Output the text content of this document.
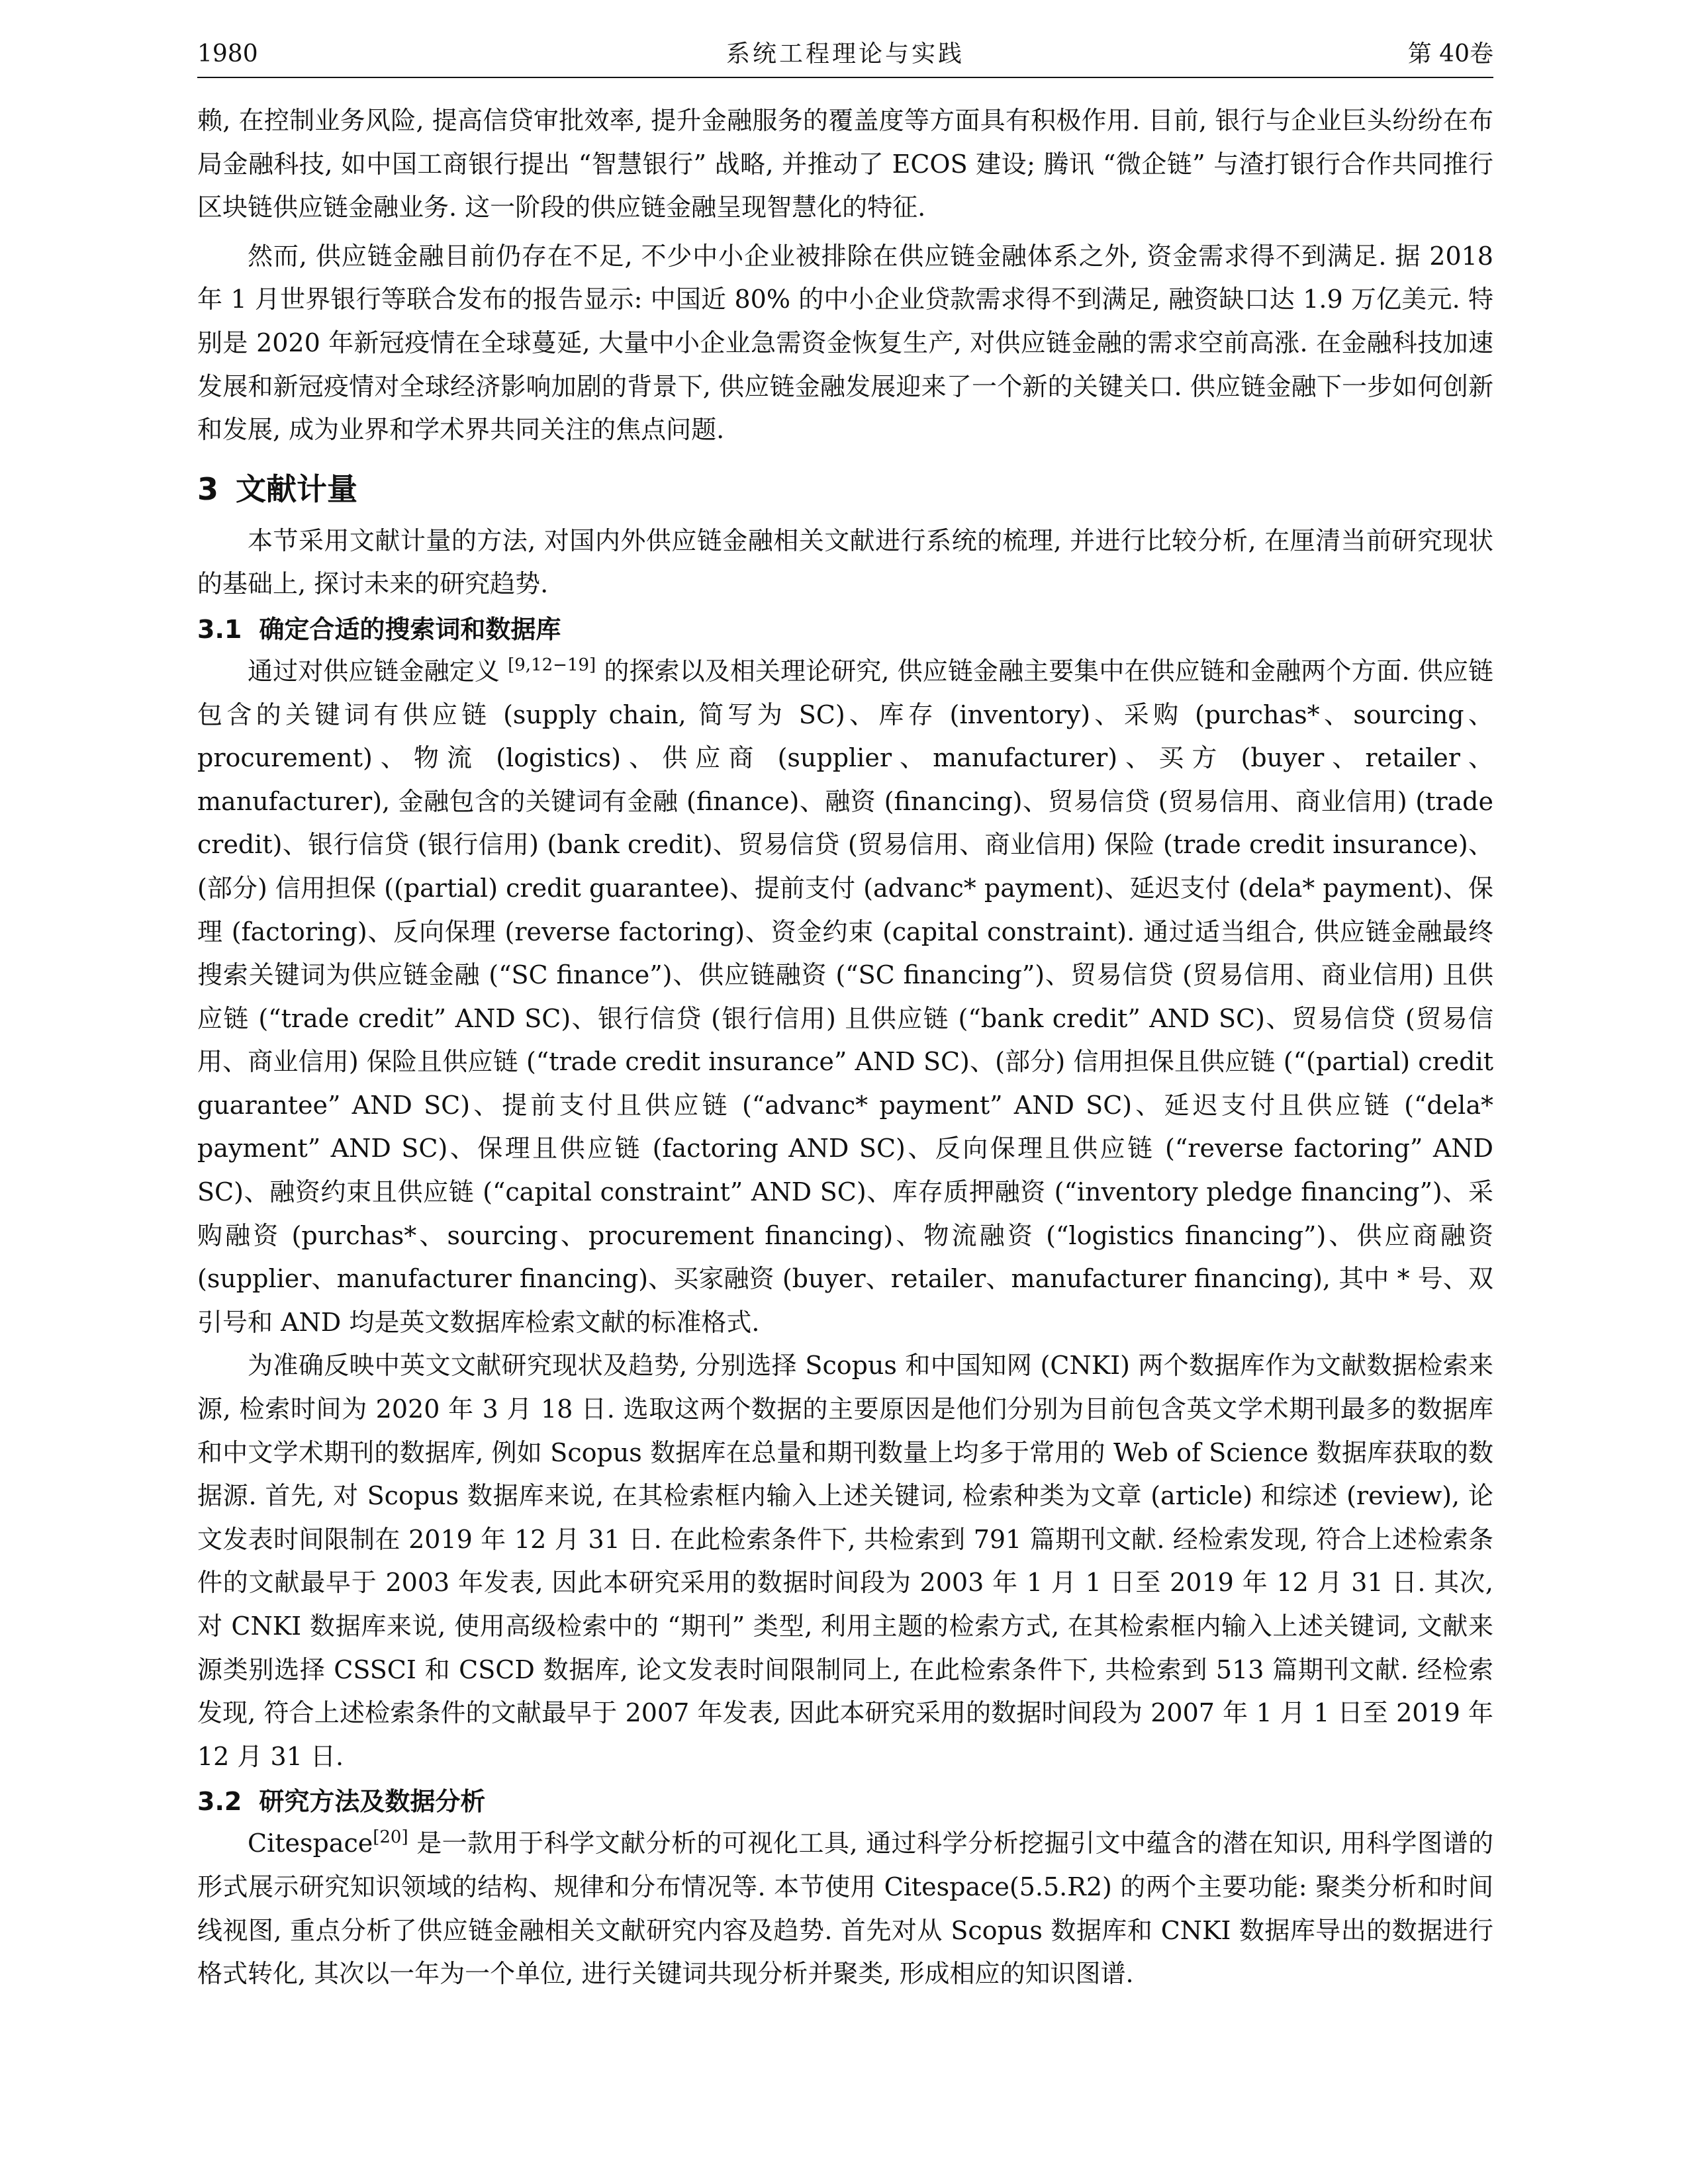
1980	系统工程理论与实践	第 40卷

赖, 在控制业务风险, 提高信贷审批效率, 提升金融服务的覆盖度等方面具有积极作用. 目前, 银行与企业巨头纷纷在布局金融科技, 如中国工商银行提出 “智慧银行” 战略, 并推动了 ECOS 建设; 腾讯 “微企链” 与渣打银行合作共同推行区块链供应链金融业务. 这一阶段的供应链金融呈现智慧化的特征.

然而, 供应链金融目前仍存在不足, 不少中小企业被排除在供应链金融体系之外, 资金需求得不到满足. 据 2018 年 1 月世界银行等联合发布的报告显示: 中国近 80% 的中小企业贷款需求得不到满足, 融资缺口达 1.9 万亿美元. 特别是 2020 年新冠疫情在全球蔓延, 大量中小企业急需资金恢复生产, 对供应链金融的需求空前高涨. 在金融科技加速发展和新冠疫情对全球经济影响加剧的背景下, 供应链金融发展迎来了一个新的关键关口. 供应链金融下一步如何创新和发展, 成为业界和学术界共同关注的焦点问题.

3 文献计量

本节采用文献计量的方法, 对国内外供应链金融相关文献进行系统的梳理, 并进行比较分析, 在厘清当前研究现状的基础上, 探讨未来的研究趋势.

3.1 确定合适的搜索词和数据库

通过对供应链金融定义 [9,12−19] 的探索以及相关理论研究, 供应链金融主要集中在供应链和金融两个方面. 供应链包含的关键词有供应链 (supply chain, 简写为 SC)、库存 (inventory)、采购 (purchas*、sourcing、procurement)、物流 (logistics)、供应商 (supplier、manufacturer)、买方 (buyer、retailer、manufacturer), 金融包含的关键词有金融 (finance)、融资 (financing)、贸易信贷 (贸易信用、商业信用) (trade credit)、银行信贷 (银行信用) (bank credit)、贸易信贷 (贸易信用、商业信用) 保险 (trade credit insurance)、(部分) 信用担保 ((partial) credit guarantee)、提前支付 (advanc* payment)、延迟支付 (dela* payment)、保理 (factoring)、反向保理 (reverse factoring)、资金约束 (capital constraint). 通过适当组合, 供应链金融最终搜索关键词为供应链金融 (“SC finance”)、供应链融资 (“SC financing”)、贸易信贷 (贸易信用、商业信用) 且供应链 (“trade credit” AND SC)、银行信贷 (银行信用) 且供应链 (“bank credit” AND SC)、贸易信贷 (贸易信用、商业信用) 保险且供应链 (“trade credit insurance” AND SC)、(部分) 信用担保且供应链 (“(partial) credit guarantee” AND SC)、提前支付且供应链 (“advanc* payment” AND SC)、延迟支付且供应链 (“dela* payment” AND SC)、保理且供应链 (factoring AND SC)、反向保理且供应链 (“reverse factoring” AND SC)、融资约束且供应链 (“capital constraint” AND SC)、库存质押融资 (“inventory pledge financing”)、采购融资 (purchas*、sourcing、procurement financing)、物流融资 (“logistics financing”)、供应商融资 (supplier、manufacturer financing)、买家融资 (buyer、retailer、manufacturer financing), 其中 * 号、双引号和 AND 均是英文数据库检索文献的标准格式.

为准确反映中英文文献研究现状及趋势, 分别选择 Scopus 和中国知网 (CNKI) 两个数据库作为文献数据检索来源, 检索时间为 2020 年 3 月 18 日. 选取这两个数据的主要原因是他们分别为目前包含英文学术期刊最多的数据库和中文学术期刊的数据库, 例如 Scopus 数据库在总量和期刊数量上均多于常用的 Web of Science 数据库获取的数据源. 首先, 对 Scopus 数据库来说, 在其检索框内输入上述关键词, 检索种类为文章 (article) 和综述 (review), 论文发表时间限制在 2019 年 12 月 31 日. 在此检索条件下, 共检索到 791 篇期刊文献. 经检索发现, 符合上述检索条件的文献最早于 2003 年发表, 因此本研究采用的数据时间段为 2003 年 1 月 1 日至 2019 年 12 月 31 日. 其次, 对 CNKI 数据库来说, 使用高级检索中的 “期刊” 类型, 利用主题的检索方式, 在其检索框内输入上述关键词, 文献来源类别选择 CSSCI 和 CSCD 数据库, 论文发表时间限制同上, 在此检索条件下, 共检索到 513 篇期刊文献. 经检索发现, 符合上述检索条件的文献最早于 2007 年发表, 因此本研究采用的数据时间段为 2007 年 1 月 1 日至 2019 年 12 月 31 日.

3.2 研究方法及数据分析

Citespace[20] 是一款用于科学文献分析的可视化工具, 通过科学分析挖掘引文中蕴含的潜在知识, 用科学图谱的形式展示研究知识领域的结构、规律和分布情况等. 本节使用 Citespace(5.5.R2) 的两个主要功能: 聚类分析和时间线视图, 重点分析了供应链金融相关文献研究内容及趋势. 首先对从 Scopus 数据库和 CNKI 数据库导出的数据进行格式转化, 其次以一年为一个单位, 进行关键词共现分析并聚类, 形成相应的知识图谱.
